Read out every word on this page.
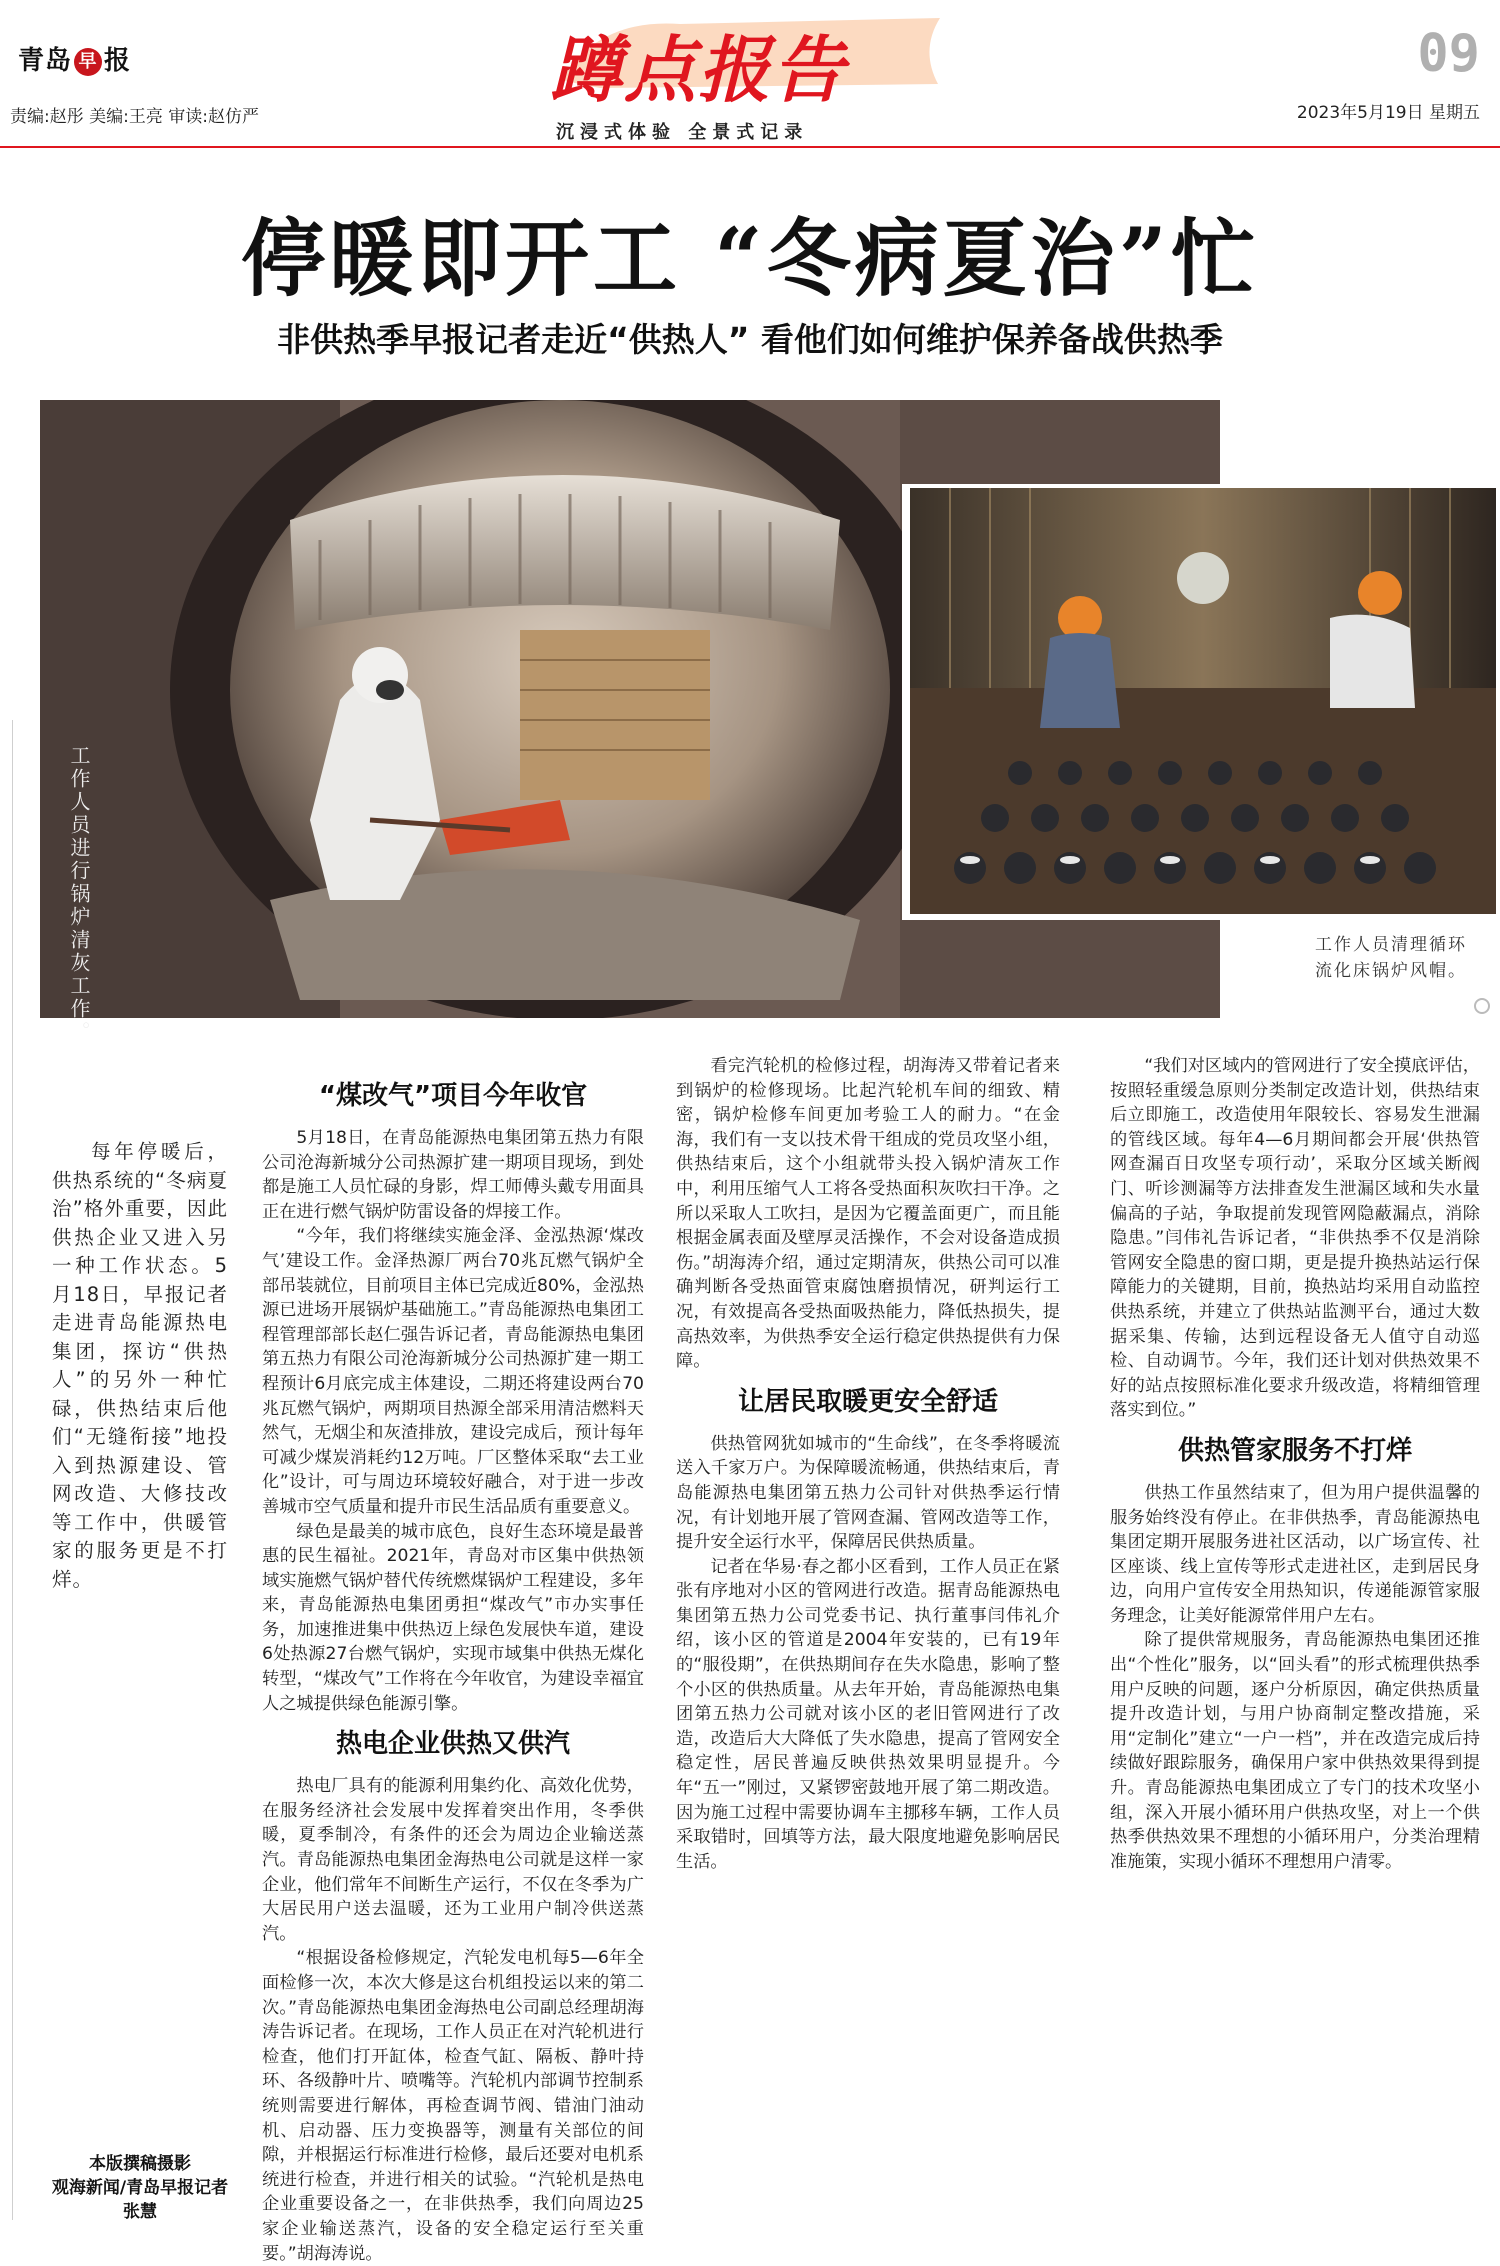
青岛 早 报
责编:赵彤 美编:王亮 审读:赵仿严
蹲点报告
沉浸式体验 全景式记录
09
2023年5月19日 星期五
停暖即开工 “冬病夏治”忙
非供热季早报记者走近“供热人” 看他们如何维护保养备战供热季
工作人员进行锅炉清灰工作。	工作人员清理循环流化床锅炉风帽。

每年停暖后，供热系统的“冬病夏治”格外重要，因此供热企业又进入另一种工作状态。5月18日，早报记者走进青岛能源热电集团，探访“供热人”的另外一种忙碌，供热结束后他们“无缝衔接”地投入到热源建设、管网改造、大修技改等工作中，供暖管家的服务更是不打烊。

“煤改气”项目今年收官

5月18日，在青岛能源热电集团第五热力有限公司沧海新城分公司热源扩建一期项目现场，到处都是施工人员忙碌的身影，焊工师傅头戴专用面具正在进行燃气锅炉防雷设备的焊接工作。

“今年，我们将继续实施金泽、金泓热源‘煤改气’建设工作。金泽热源厂两台70兆瓦燃气锅炉全部吊装就位，目前项目主体已完成近80%，金泓热源已进场开展锅炉基础施工。”青岛能源热电集团工程管理部部长赵仁强告诉记者，青岛能源热电集团第五热力有限公司沧海新城分公司热源扩建一期工程预计6月底完成主体建设，二期还将建设两台70兆瓦燃气锅炉，两期项目热源全部采用清洁燃料天然气，无烟尘和灰渣排放，建设完成后，预计每年可减少煤炭消耗约12万吨。厂区整体采取“去工业化”设计，可与周边环境较好融合，对于进一步改善城市空气质量和提升市民生活品质有重要意义。

绿色是最美的城市底色，良好生态环境是最普惠的民生福祉。2021年，青岛对市区集中供热领域实施燃气锅炉替代传统燃煤锅炉工程建设，多年来，青岛能源热电集团勇担“煤改气”市办实事任务，加速推进集中供热迈上绿色发展快车道，建设6处热源27台燃气锅炉，实现市域集中供热无煤化转型，“煤改气”工作将在今年收官，为建设幸福宜人之城提供绿色能源引擎。

热电企业供热又供汽

热电厂具有的能源利用集约化、高效化优势，在服务经济社会发展中发挥着突出作用，冬季供暖，夏季制冷，有条件的还会为周边企业输送蒸汽。青岛能源热电集团金海热电公司就是这样一家企业，他们常年不间断生产运行，不仅在冬季为广大居民用户送去温暖，还为工业用户制冷供送蒸汽。

“根据设备检修规定，汽轮发电机每5—6年全面检修一次，本次大修是这台机组投运以来的第二次。”青岛能源热电集团金海热电公司副总经理胡海涛告诉记者。在现场，工作人员正在对汽轮机进行检查，他们打开缸体，检查气缸、隔板、静叶持环、各级静叶片、喷嘴等。汽轮机内部调节控制系统则需要进行解体，再检查调节阀、错油门油动机、启动器、压力变换器等，测量有关部位的间隙，并根据运行标准进行检修，最后还要对电机系统进行检查，并进行相关的试验。“汽轮机是热电企业重要设备之一，在非供热季，我们向周边25家企业输送蒸汽，设备的安全稳定运行至关重要。”胡海涛说。

看完汽轮机的检修过程，胡海涛又带着记者来到锅炉的检修现场。比起汽轮机车间的细致、精密，锅炉检修车间更加考验工人的耐力。“在金海，我们有一支以技术骨干组成的党员攻坚小组，供热结束后，这个小组就带头投入锅炉清灰工作中，利用压缩气人工将各受热面积灰吹扫干净。之所以采取人工吹扫，是因为它覆盖面更广，而且能根据金属表面及壁厚灵活操作，不会对设备造成损伤。”胡海涛介绍，通过定期清灰，供热公司可以准确判断各受热面管束腐蚀磨损情况，研判运行工况，有效提高各受热面吸热能力，降低热损失，提高热效率，为供热季安全运行稳定供热提供有力保障。

让居民取暖更安全舒适

供热管网犹如城市的“生命线”，在冬季将暖流送入千家万户。为保障暖流畅通，供热结束后，青岛能源热电集团第五热力公司针对供热季运行情况，有计划地开展了管网查漏、管网改造等工作，提升安全运行水平，保障居民供热质量。

记者在华易·春之都小区看到，工作人员正在紧张有序地对小区的管网进行改造。据青岛能源热电集团第五热力公司党委书记、执行董事闫伟礼介绍，该小区的管道是2004年安装的，已有19年的“服役期”，在供热期间存在失水隐患，影响了整个小区的供热质量。从去年开始，青岛能源热电集团第五热力公司就对该小区的老旧管网进行了改造，改造后大大降低了失水隐患，提高了管网安全稳定性，居民普遍反映供热效果明显提升。今年“五一”刚过，又紧锣密鼓地开展了第二期改造。因为施工过程中需要协调车主挪移车辆，工作人员采取错时，回填等方法，最大限度地避免影响居民生活。

“我们对区域内的管网进行了安全摸底评估，按照轻重缓急原则分类制定改造计划，供热结束后立即施工，改造使用年限较长、容易发生泄漏的管线区域。每年4—6月期间都会开展‘供热管网查漏百日攻坚专项行动’，采取分区域关断阀门、听诊测漏等方法排查发生泄漏区域和失水量偏高的子站，争取提前发现管网隐蔽漏点，消除隐患。”闫伟礼告诉记者，“非供热季不仅是消除管网安全隐患的窗口期，更是提升换热站运行保障能力的关键期，目前，换热站均采用自动监控供热系统，并建立了供热站监测平台，通过大数据采集、传输，达到远程设备无人值守自动巡检、自动调节。今年，我们还计划对供热效果不好的站点按照标准化要求升级改造，将精细管理落实到位。”

供热管家服务不打烊

供热工作虽然结束了，但为用户提供温馨的服务始终没有停止。在非供热季，青岛能源热电集团定期开展服务进社区活动，以广场宣传、社区座谈、线上宣传等形式走进社区，走到居民身边，向用户宣传安全用热知识，传递能源管家服务理念，让美好能源常伴用户左右。

除了提供常规服务，青岛能源热电集团还推出“个性化”服务，以“回头看”的形式梳理供热季用户反映的问题，逐户分析原因，确定供热质量提升改造计划，与用户协商制定整改措施，采用“定制化”建立“一户一档”，并在改造完成后持续做好跟踪服务，确保用户家中供热效果得到提升。青岛能源热电集团成立了专门的技术攻坚小组，深入开展小循环用户供热攻坚，对上一个供热季供热效果不理想的小循环用户，分类治理精准施策，实现小循环不理想用户清零。

本版撰稿摄影
观海新闻/青岛早报记者
张慧
